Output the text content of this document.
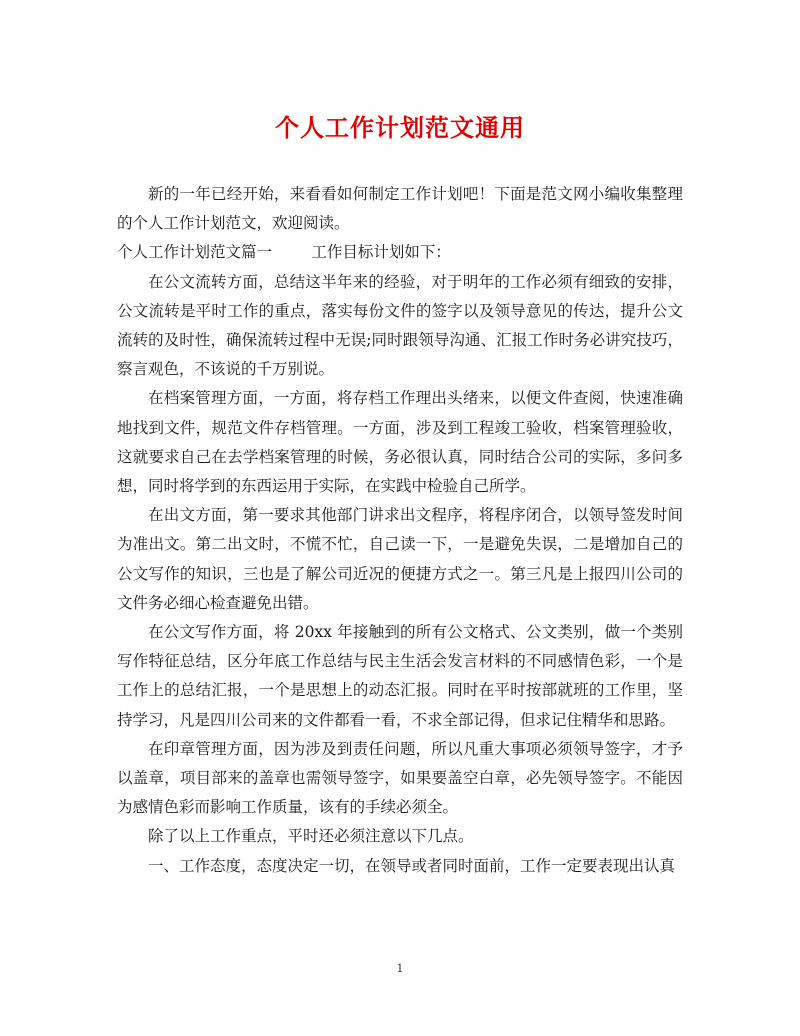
个人工作计划范文通用

新的一年已经开始，来看看如何制定工作计划吧！下面是范文网小编收集整理的个人工作计划范文，欢迎阅读。

个人工作计划范文篇一        工作目标计划如下：

在公文流转方面，总结这半年来的经验，对于明年的工作必须有细致的安排，公文流转是平时工作的重点，落实每份文件的签字以及领导意见的传达，提升公文流转的及时性，确保流转过程中无误;同时跟领导沟通、汇报工作时务必讲究技巧，察言观色，不该说的千万别说。

在档案管理方面，一方面，将存档工作理出头绪来，以便文件查阅，快速准确地找到文件，规范文件存档管理。一方面，涉及到工程竣工验收，档案管理验收，这就要求自己在去学档案管理的时候，务必很认真，同时结合公司的实际，多问多想，同时将学到的东西运用于实际，在实践中检验自己所学。

在出文方面，第一要求其他部门讲求出文程序，将程序闭合，以领导签发时间为准出文。第二出文时，不慌不忙，自己读一下，一是避免失误，二是增加自己的公文写作的知识，三也是了解公司近况的便捷方式之一。第三凡是上报四川公司的文件务必细心检查避免出错。

在公文写作方面，将 20xx 年接触到的所有公文格式、公文类别，做一个类别写作特征总结，区分年底工作总结与民主生活会发言材料的不同感情色彩，一个是工作上的总结汇报，一个是思想上的动态汇报。同时在平时按部就班的工作里，坚持学习，凡是四川公司来的文件都看一看，不求全部记得，但求记住精华和思路。

在印章管理方面，因为涉及到责任问题，所以凡重大事项必须领导签字，才予以盖章，项目部来的盖章也需领导签字，如果要盖空白章，必先领导签字。不能因为感情色彩而影响工作质量，该有的手续必须全。

除了以上工作重点，平时还必须注意以下几点。

一、工作态度，态度决定一切，在领导或者同时面前，工作一定要表现出认真

1
